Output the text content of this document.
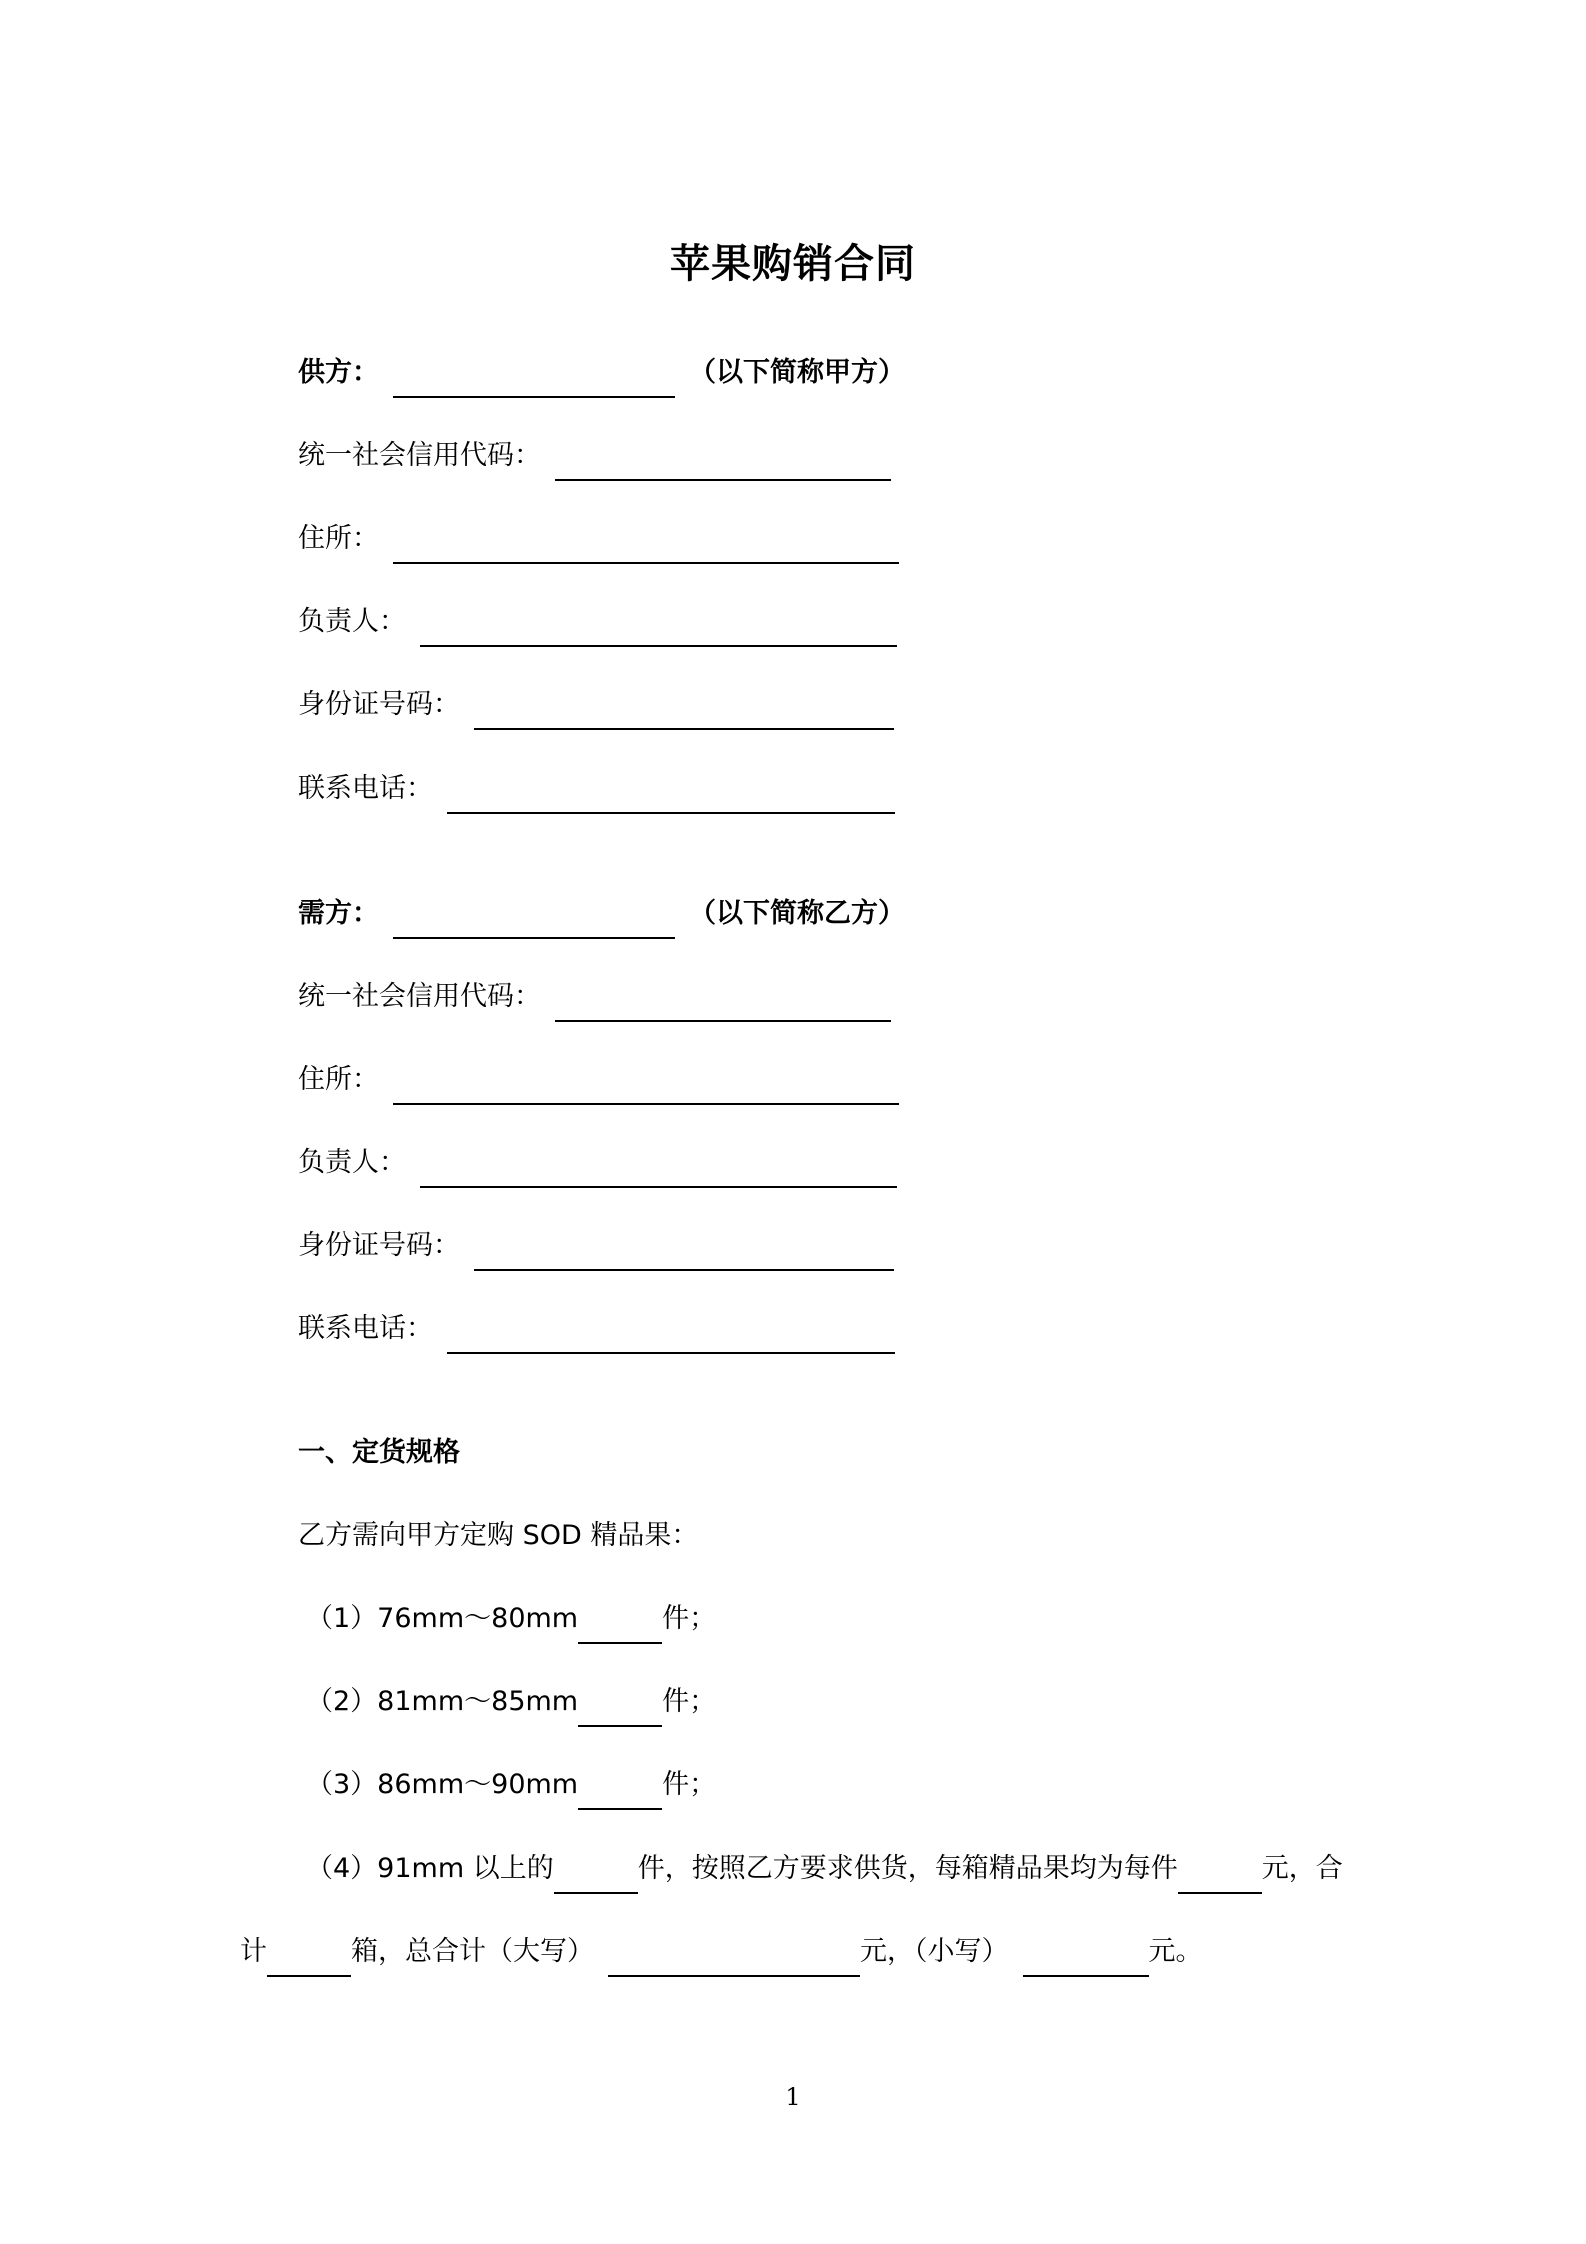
苹果购销合同
供方：	（以下简称甲方）
统一社会信用代码：
住所：
负责人：
身份证号码：
联系电话：
需方：	（以下简称乙方）
统一社会信用代码：
住所：
负责人：
身份证号码：
联系电话：
一、定货规格
乙方需向甲方定购 SOD 精品果：
（1）76mm～80mm	件；
（2）81mm～85mm	件；
（3）86mm～90mm	件；
（4）91mm 以上的	件，按照乙方要求供货，每箱精品果均为每件	元，合
计	箱，总合计（大写）	元，（小写）	元。
1
